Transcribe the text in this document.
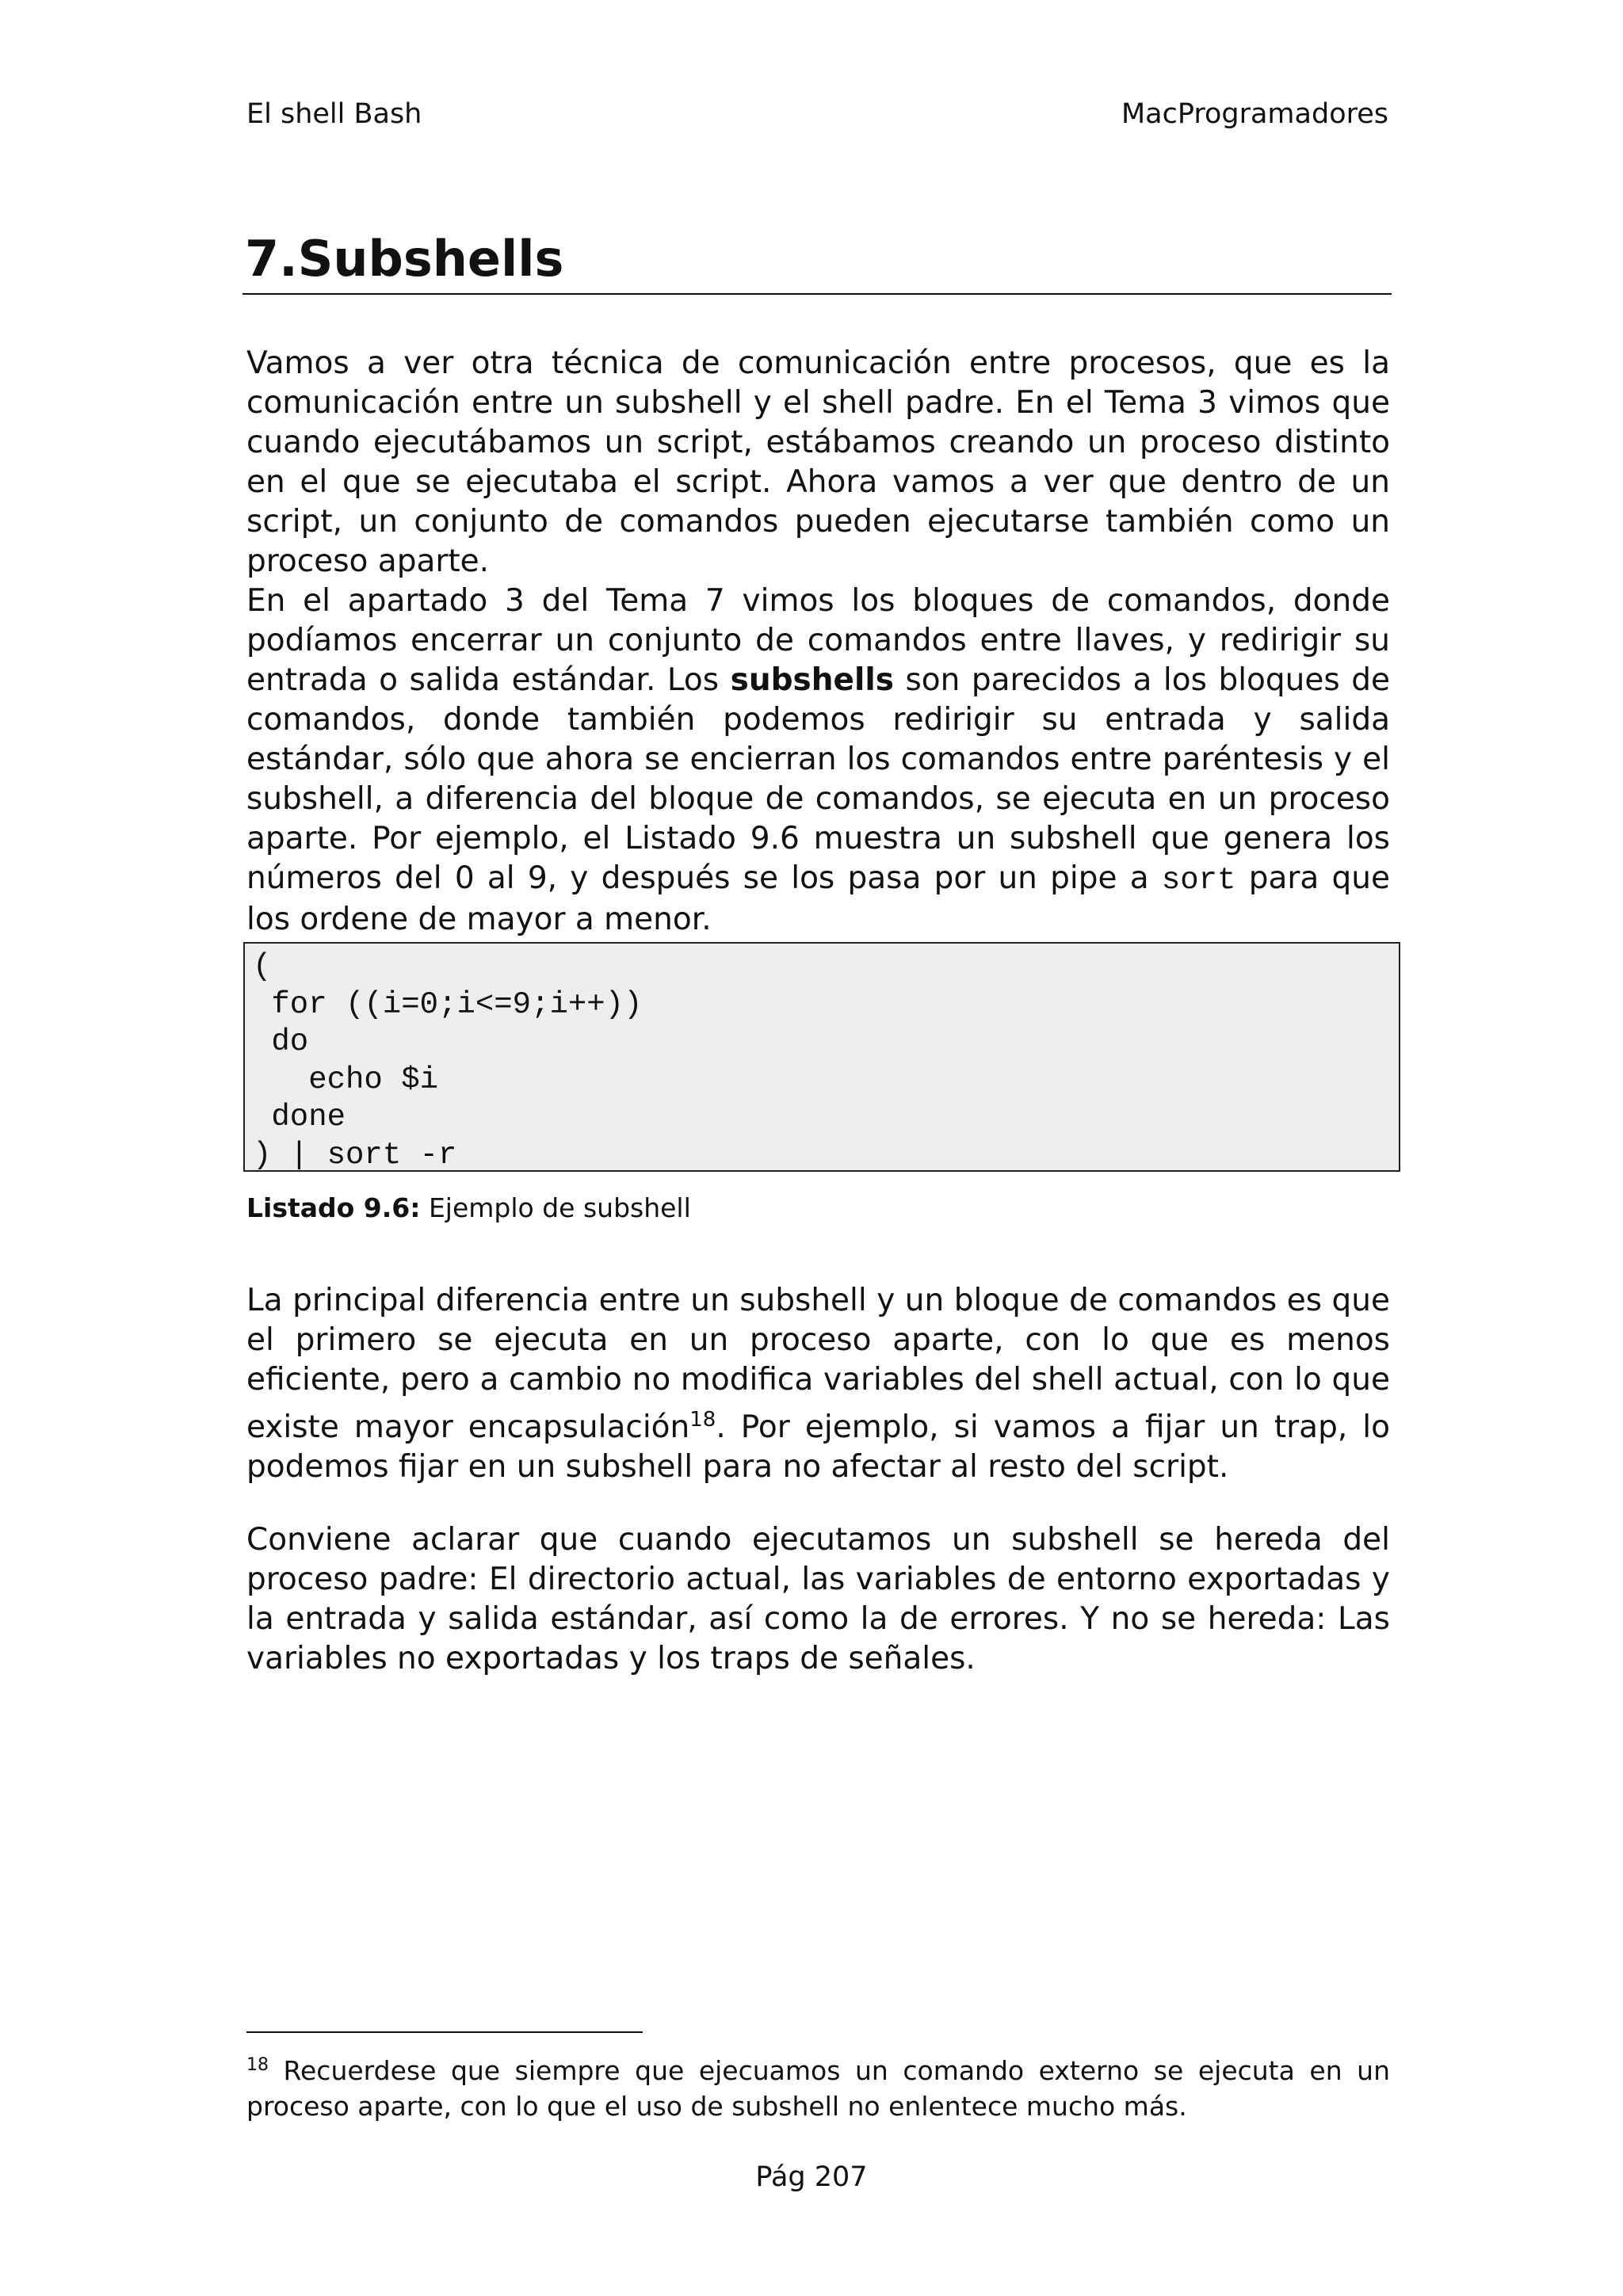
El shell Bash	MacProgramadores
7.Subshells

Vamos a ver otra técnica de comunicación entre procesos, que es la comunicación entre un subshell y el shell padre. En el Tema 3 vimos que cuando ejecutábamos un script, estábamos creando un proceso distinto en el que se ejecutaba el script. Ahora vamos a ver que dentro de un script, un conjunto de comandos pueden ejecutarse también como un proceso aparte.

En el apartado 3 del Tema 7 vimos los bloques de comandos, donde podíamos encerrar un conjunto de comandos entre llaves, y redirigir su entrada o salida estándar. Los subshells son parecidos a los bloques de comandos, donde también podemos redirigir su entrada y salida estándar, sólo que ahora se encierran los comandos entre paréntesis y el subshell, a diferencia del bloque de comandos, se ejecuta en un proceso aparte. Por ejemplo, el Listado 9.6 muestra un subshell que genera los números del 0 al 9, y después se los pasa por un pipe a sort para que los ordene de mayor a menor.

(
for ((i=0;i<=9;i++))
do
echo $i
done
) | sort -r
Listado 9.6: Ejemplo de subshell

La principal diferencia entre un subshell y un bloque de comandos es que el primero se ejecuta en un proceso aparte, con lo que es menos eficiente, pero a cambio no modifica variables del shell actual, con lo que existe mayor encapsulación$^{18}$. Por ejemplo, si vamos a fijar un trap, lo podemos fijar en un subshell para no afectar al resto del script.

Conviene aclarar que cuando ejecutamos un subshell se hereda del proceso padre: El directorio actual, las variables de entorno exportadas y la entrada y salida estándar, así como la de errores. Y no se hereda: Las variables no exportadas y los traps de señales.

$^{18}$ Recuerdese que siempre que ejecuamos un comando externo se ejecuta en un proceso aparte, con lo que el uso de subshell no enlentece mucho más.
Pág 207
